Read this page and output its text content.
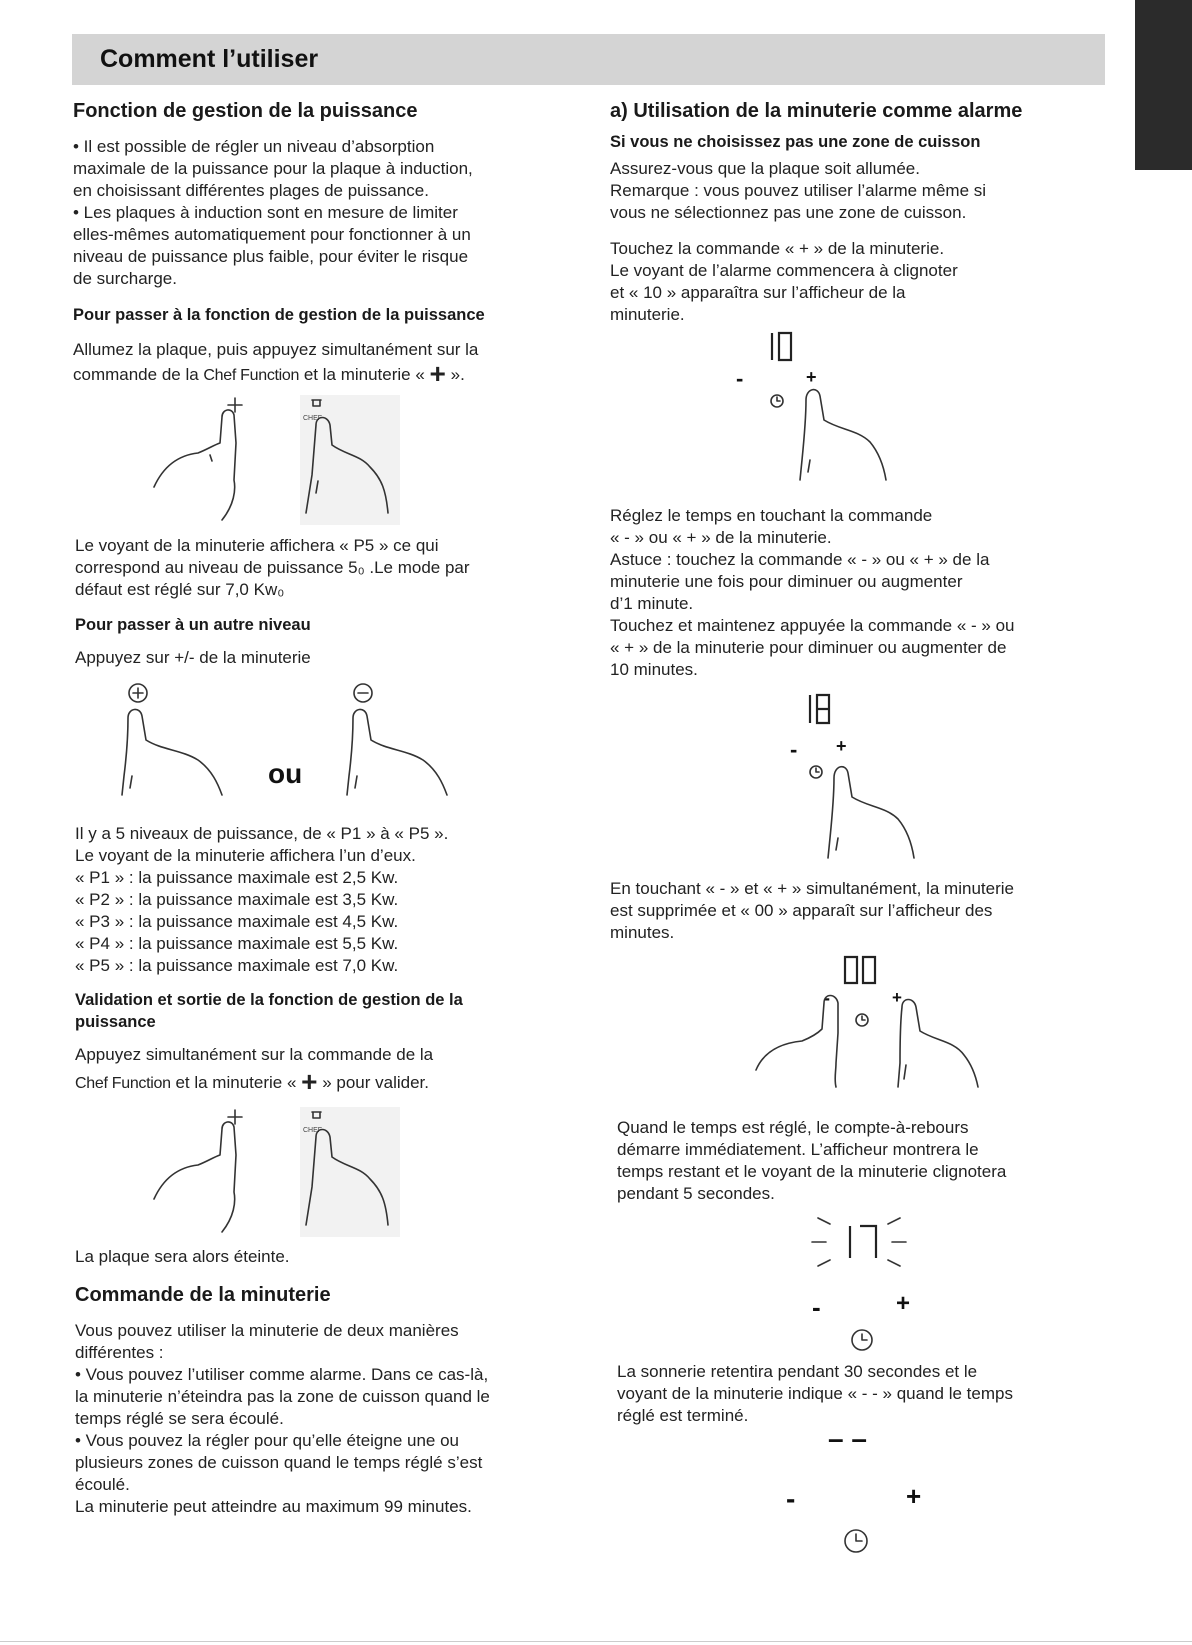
Comment l’utiliser
Fonction de gestion de la puissance

• Il est possible de régler un niveau d’absorption
maximale de la puissance pour la plaque à induction,
en choisissant différentes plages de puissance.
• Les plaques à induction sont en mesure de limiter
elles-mêmes automatiquement pour fonctionner à un
niveau de puissance plus faible, pour éviter le risque
de surcharge.

Pour passer à la fonction de gestion de la puissance

Allumez la plaque, puis appuyez simultanément sur la

commande de la Chef Function et la minuterie « + ».

CHEF

Le voyant de la minuterie affichera « P5 » ce qui
correspond au niveau de puissance 5₀ .Le mode par
défaut est réglé sur 7,0 Kw₀

Pour passer à un autre niveau

Appuyez sur +/- de la minuterie

ou

Il y a 5 niveaux de puissance, de « P1 » à « P5 ».
Le voyant de la minuterie affichera l’un d’eux.
« P1 » : la puissance maximale est 2,5 Kw.
« P2 » : la puissance maximale est 3,5 Kw.
« P3 » : la puissance maximale est 4,5 Kw.
« P4 » : la puissance maximale est 5,5 Kw.
« P5 » : la puissance maximale est 7,0 Kw.

Validation et sortie de la fonction de gestion de la
puissance

Appuyez simultanément sur la commande de la

Chef Function et la minuterie « + » pour valider.

CHEF

La plaque sera alors éteinte.

Commande de la minuterie

Vous pouvez utiliser la minuterie de deux manières
différentes :
• Vous pouvez l’utiliser comme alarme. Dans ce cas-là,
la minuterie n’éteindra pas la zone de cuisson quand le
temps réglé se sera écoulé.
• Vous pouvez la régler pour qu’elle éteigne une ou
plusieurs zones de cuisson quand le temps réglé s’est
écoulé.
La minuterie peut atteindre au maximum 99 minutes.

a) Utilisation de la minuterie comme alarme

Si vous ne choisissez pas une zone de cuisson

Assurez-vous que la plaque soit allumée.
Remarque : vous pouvez utiliser l’alarme même si
vous ne sélectionnez pas une zone de cuisson.

Touchez la commande « + » de la minuterie.
Le voyant de l’alarme commencera à clignoter
et « 10 » apparaîtra sur l’afficheur de la
minuterie.

-	+

Réglez le temps en touchant la commande
« - » ou « + » de la minuterie.
Astuce : touchez la commande « - » ou « + » de la
minuterie une fois pour diminuer ou augmenter
d’1 minute.
Touchez et maintenez appuyée la commande « - » ou
« + » de la minuterie pour diminuer ou augmenter de
10 minutes.

- +

En touchant « - » et « + » simultanément, la minuterie
est supprimée et « 00 » apparaît sur l’afficheur des
minutes.

-	+

Quand le temps est réglé, le compte-à-rebours
démarre immédiatement. L’afficheur montrera le
temps restant et le voyant de la minuterie clignotera
pendant 5 secondes.

-	+

La sonnerie retentira pendant 30 secondes et le
voyant de la minuterie indique « - - » quand le temps
réglé est terminé.

– –
-	+
